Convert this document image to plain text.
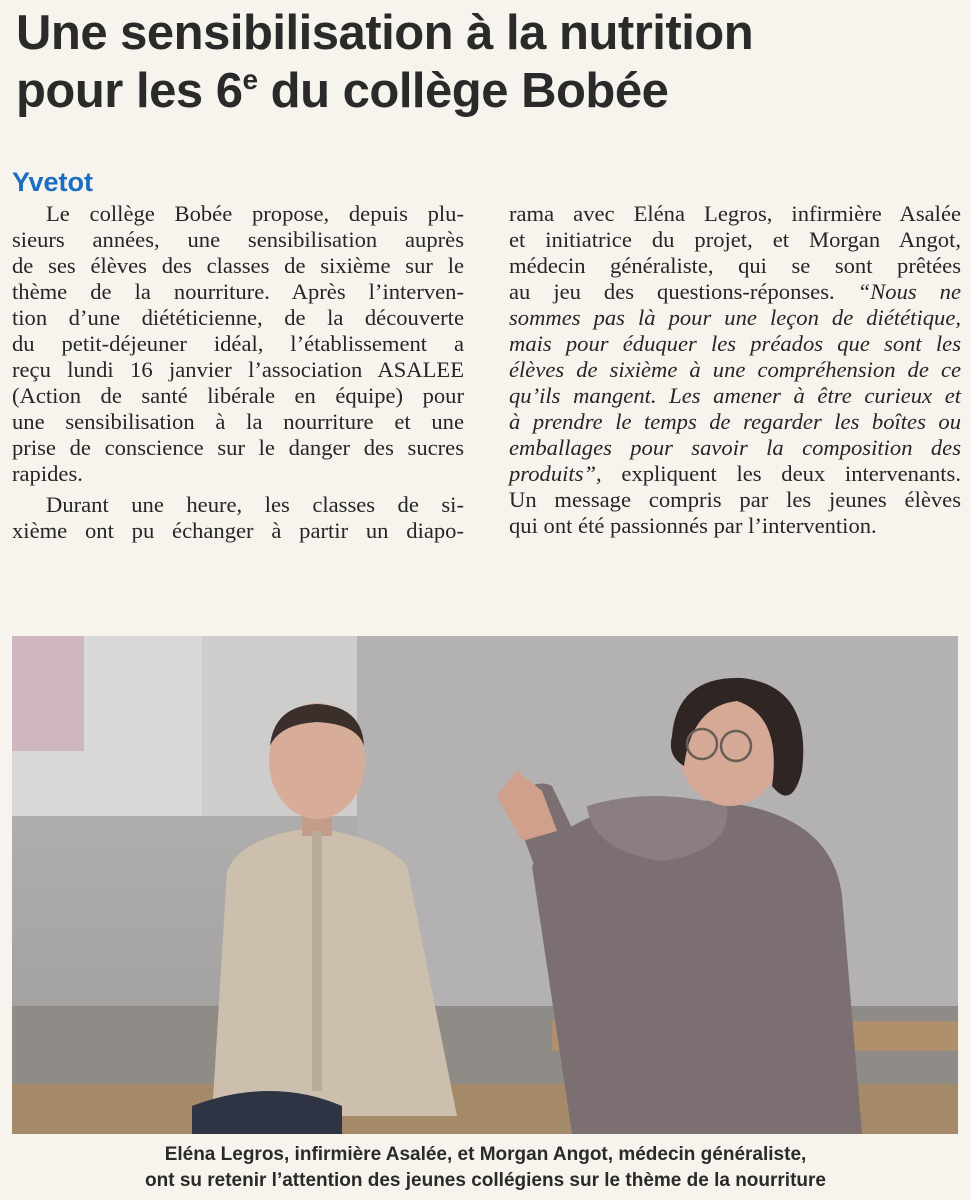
Une sensibilisation à la nutrition
pour les 6e du collège Bobée
Yvetot

Le collège Bobée propose, depuis plu-

sieurs années, une sensibilisation auprès

de ses élèves des classes de sixième sur le

thème de la nourriture. Après l’interven-

tion d’une diététicienne, de la découverte

du petit-déjeuner idéal, l’établissement a

reçu lundi 16 janvier l’association ASALEE

(Action de santé libérale en équipe) pour

une sensibilisation à la nourriture et une

prise de conscience sur le danger des sucres

rapides.

Durant une heure, les classes de si-

xième ont pu échanger à partir un diapo-

rama avec Eléna Legros, infirmière Asalée

et initiatrice du projet, et Morgan Angot,

médecin généraliste, qui se sont prêtées

au jeu des questions-réponses. “Nous ne

sommes pas là pour une leçon de diététique,

mais pour éduquer les préados que sont les

élèves de sixième à une compréhension de ce

qu’ils mangent. Les amener à être curieux et

à prendre le temps de regarder les boîtes ou

emballages pour savoir la composition des

produits”, expliquent les deux intervenants.

Un message compris par les jeunes élèves

qui ont été passionnés par l’intervention.

Eléna Legros, infirmière Asalée, et Morgan Angot, médecin généraliste,
ont su retenir l’attention des jeunes collégiens sur le thème de la nourriture
